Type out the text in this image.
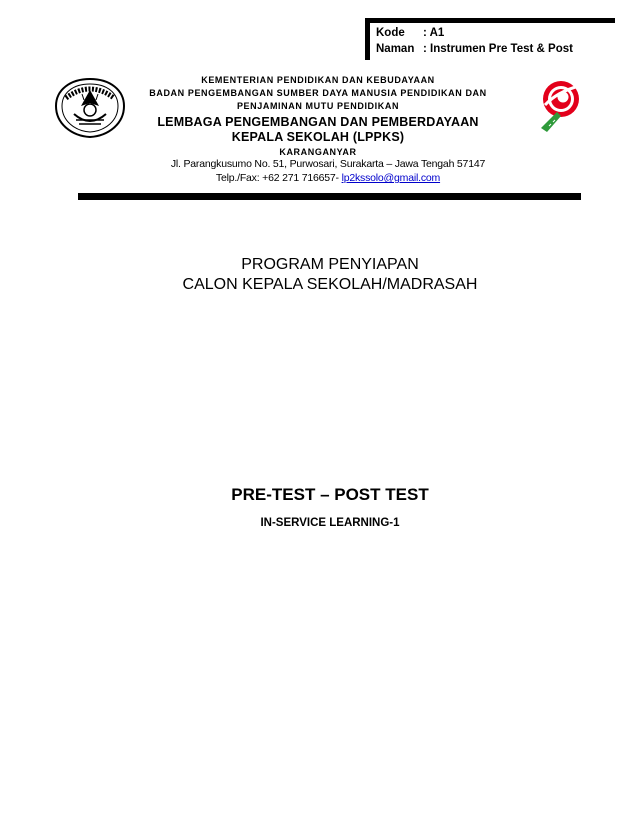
Kode : A1
Naman : Instrumen Pre Test & Post
KEMENTERIAN PENDIDIKAN DAN KEBUDAYAAN
BADAN PENGEMBANGAN SUMBER DAYA MANUSIA PENDIDIKAN DAN
PENJAMINAN MUTU PENDIDIKAN
LEMBAGA PENGEMBANGAN DAN PEMBERDAYAAN
KEPALA SEKOLAH (LPPKS)
KARANGANYAR
Jl. Parangkusumo No. 51, Purwosari, Surakarta – Jawa Tengah 57147
Telp./Fax: +62 271 716657- lp2kssolo@gmail.com
PROGRAM PENYIAPAN
CALON KEPALA SEKOLAH/MADRASAH
PRE-TEST – POST TEST
IN-SERVICE LEARNING-1
